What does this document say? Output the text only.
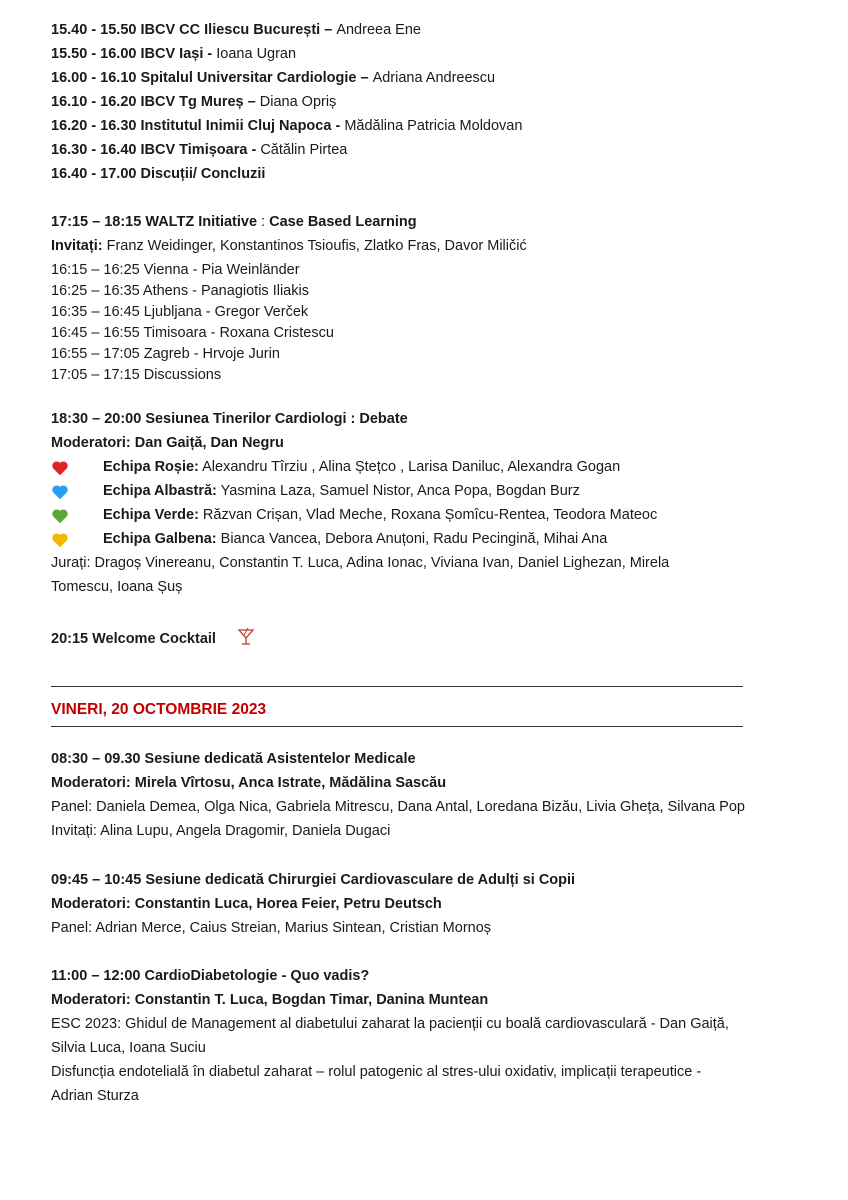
15.40 - 15.50 IBCV CC Iliescu București – Andreea Ene
15.50 - 16.00 IBCV Iași - Ioana Ugran
16.00 - 16.10 Spitalul Universitar Cardiologie – Adriana Andreescu
16.10 - 16.20 IBCV Tg Mureș – Diana Opriș
16.20 - 16.30 Institutul Inimii Cluj Napoca - Mădălina Patricia Moldovan
16.30 - 16.40 IBCV Timișoara - Cătălin Pirtea
16.40 - 17.00 Discuții/ Concluzii
17:15 – 18:15 WALTZ Initiative : Case Based Learning
Invitați: Franz Weidinger, Konstantinos Tsioufis, Zlatko Fras, Davor Miličić
16:15 – 16:25 Vienna - Pia Weinländer
16:25 – 16:35 Athens - Panagiotis Iliakis
16:35 – 16:45 Ljubljana - Gregor Verček
16:45 – 16:55 Timisoara - Roxana Cristescu
16:55 – 17:05 Zagreb - Hrvoje Jurin
17:05 – 17:15 Discussions
18:30 – 20:00 Sesiunea Tinerilor Cardiologi : Debate
Moderatori: Dan Gaiță, Dan Negru
Echipa Roșie: Alexandru Tîrziu , Alina Ștețco , Larisa Daniluc, Alexandra Gogan
Echipa Albastră: Yasmina Laza, Samuel Nistor, Anca Popa, Bogdan Burz
Echipa Verde: Răzvan Crișan, Vlad Meche, Roxana Șomîcu-Rentea, Teodora Mateoc
Echipa Galbena: Bianca Vancea, Debora Anuțoni, Radu Pecingină, Mihai Ana
Jurați: Dragoș Vinereanu, Constantin T. Luca, Adina Ionac, Viviana Ivan, Daniel Lighezan, Mirela
Tomescu, Ioana Șuș
20:15 Welcome Cocktail
VINERI, 20 OCTOMBRIE 2023
08:30 – 09.30 Sesiune dedicată Asistentelor Medicale
Moderatori: Mirela Vîrtosu, Anca Istrate, Mădălina Sascău
Panel: Daniela Demea, Olga Nica, Gabriela Mitrescu, Dana Antal, Loredana Bizău, Livia Gheța, Silvana Pop
Invitați: Alina Lupu, Angela Dragomir, Daniela Dugaci
09:45 – 10:45 Sesiune dedicată Chirurgiei Cardiovasculare de Adulți si Copii
Moderatori: Constantin Luca, Horea Feier, Petru Deutsch
Panel: Adrian Merce, Caius Streian, Marius Sintean, Cristian Mornoș
11:00 – 12:00 CardioDiabetologie - Quo vadis?
Moderatori: Constantin T. Luca, Bogdan Timar, Danina Muntean
ESC 2023: Ghidul de Management al diabetului zaharat la pacienții cu boală cardiovasculară - Dan Gaiță,
Silvia Luca, Ioana Suciu
Disfuncția endotelială în diabetul zaharat – rolul patogenic al stres-ului oxidativ, implicații terapeutice -
Adrian Sturza
